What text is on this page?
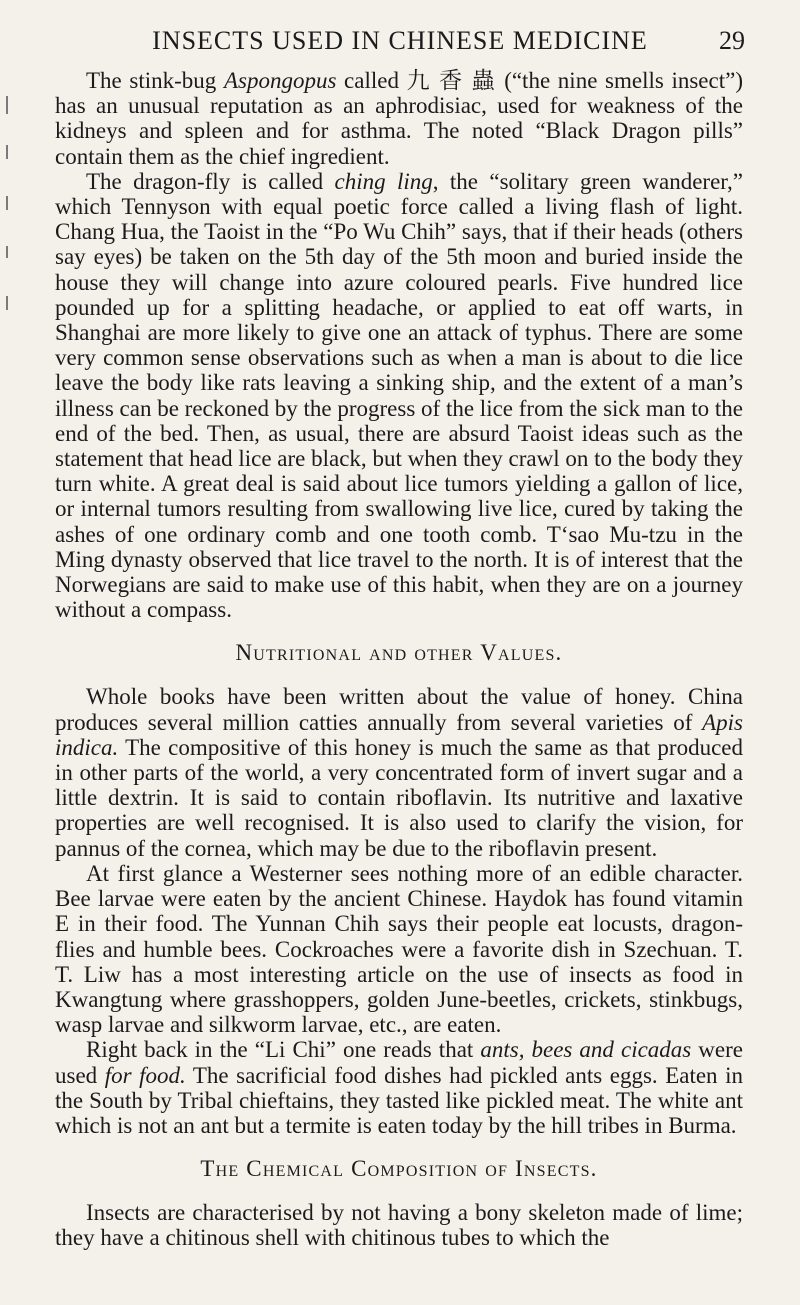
INSECTS USED IN CHINESE MEDICINE	29

The stink-bug Aspongopus called 九 香 蟲 (“the nine smells insect”) has an unusual reputation as an aphrodisiac, used for weakness of the kidneys and spleen and for asthma. The noted “Black Dragon pills” contain them as the chief ingredient.

The dragon-fly is called ching ling, the “solitary green wanderer,” which Tennyson with equal poetic force called a living flash of light. Chang Hua, the Taoist in the “Po Wu Chih” says, that if their heads (others say eyes) be taken on the 5th day of the 5th moon and buried inside the house they will change into azure coloured pearls. Five hundred lice pounded up for a splitting headache, or applied to eat off warts, in Shanghai are more likely to give one an attack of typhus. There are some very common sense observations such as when a man is about to die lice leave the body like rats leaving a sinking ship, and the extent of a man’s illness can be reckoned by the progress of the lice from the sick man to the end of the bed. Then, as usual, there are absurd Taoist ideas such as the statement that head lice are black, but when they crawl on to the body they turn white. A great deal is said about lice tumors yielding a gallon of lice, or internal tumors resulting from swallowing live lice, cured by taking the ashes of one ordinary comb and one tooth comb. T‘sao Mu-tzu in the Ming dynasty observed that lice travel to the north. It is of interest that the Norwegians are said to make use of this habit, when they are on a journey without a compass.

Nutritional and other Values.

Whole books have been written about the value of honey. China produces several million catties annually from several varieties of Apis indica. The compositive of this honey is much the same as that produced in other parts of the world, a very concentrated form of invert sugar and a little dextrin. It is said to contain riboflavin. Its nutritive and laxative properties are well recognised. It is also used to clarify the vision, for pannus of the cornea, which may be due to the riboflavin present.

At first glance a Westerner sees nothing more of an edible character. Bee larvae were eaten by the ancient Chinese. Haydok has found vitamin E in their food. The Yunnan Chih says their people eat locusts, dragon-flies and humble bees. Cockroaches were a favorite dish in Szechuan. T. T. Liw has a most interesting article on the use of insects as food in Kwangtung where grasshoppers, golden June-beetles, crickets, stinkbugs, wasp larvae and silkworm larvae, etc., are eaten.

Right back in the “Li Chi” one reads that ants, bees and cicadas were used for food. The sacrificial food dishes had pickled ants eggs. Eaten in the South by Tribal chieftains, they tasted like pickled meat. The white ant which is not an ant but a termite is eaten today by the hill tribes in Burma.

The Chemical Composition of Insects.

Insects are characterised by not having a bony skeleton made of lime; they have a chitinous shell with chitinous tubes to which the
